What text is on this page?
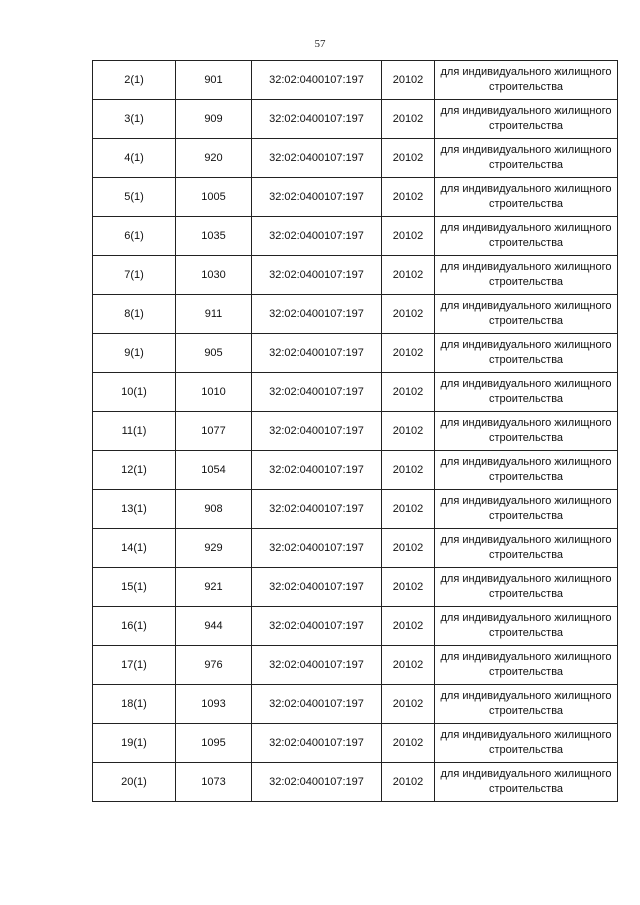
57
2(1)	901	32:02:0400107:197	20102	для индивидуального жилищного строительства
3(1)	909	32:02:0400107:197	20102	для индивидуального жилищного строительства
4(1)	920	32:02:0400107:197	20102	для индивидуального жилищного строительства
5(1)	1005	32:02:0400107:197	20102	для индивидуального жилищного строительства
6(1)	1035	32:02:0400107:197	20102	для индивидуального жилищного строительства
7(1)	1030	32:02:0400107:197	20102	для индивидуального жилищного строительства
8(1)	911	32:02:0400107:197	20102	для индивидуального жилищного строительства
9(1)	905	32:02:0400107:197	20102	для индивидуального жилищного строительства
10(1)	1010	32:02:0400107:197	20102	для индивидуального жилищного строительства
11(1)	1077	32:02:0400107:197	20102	для индивидуального жилищного строительства
12(1)	1054	32:02:0400107:197	20102	для индивидуального жилищного строительства
13(1)	908	32:02:0400107:197	20102	для индивидуального жилищного строительства
14(1)	929	32:02:0400107:197	20102	для индивидуального жилищного строительства
15(1)	921	32:02:0400107:197	20102	для индивидуального жилищного строительства
16(1)	944	32:02:0400107:197	20102	для индивидуального жилищного строительства
17(1)	976	32:02:0400107:197	20102	для индивидуального жилищного строительства
18(1)	1093	32:02:0400107:197	20102	для индивидуального жилищного строительства
19(1)	1095	32:02:0400107:197	20102	для индивидуального жилищного строительства
20(1)	1073	32:02:0400107:197	20102	для индивидуального жилищного строительства
